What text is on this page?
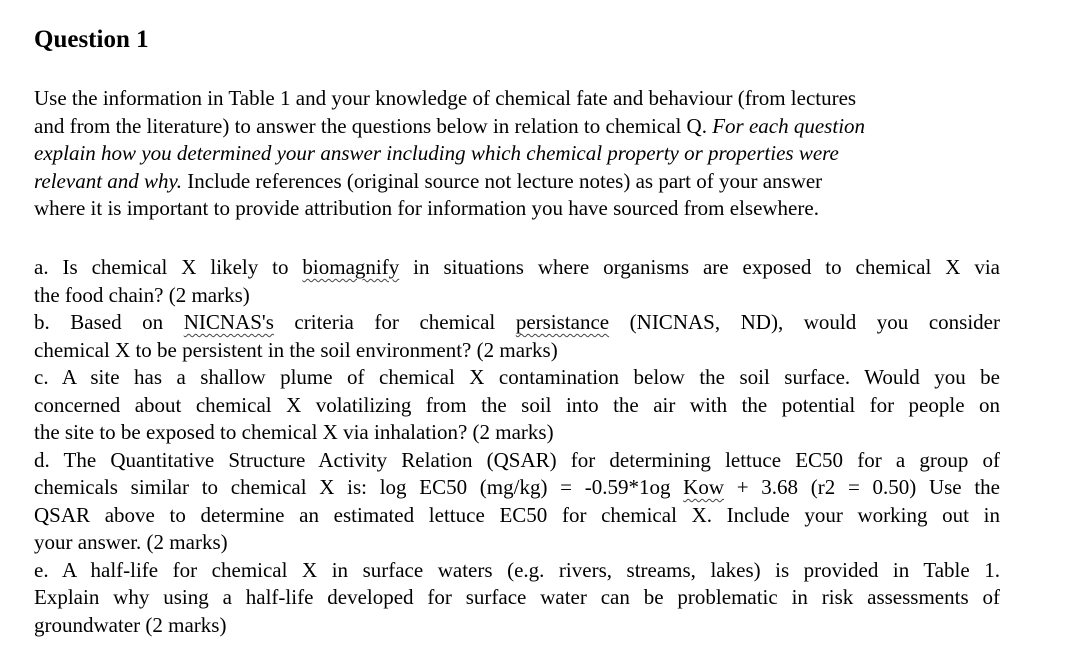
Question 1
Use the information in Table 1 and your knowledge of chemical fate and behaviour (from lectures
and from the literature) to answer the questions below in relation to chemical Q. For each question
explain how you determined your answer including which chemical property or properties were
relevant and why. Include references (original source not lecture notes) as part of your answer
where it is important to provide attribution for information you have sourced from elsewhere.
a. Is chemical X likely to biomagnify in situations where organisms are exposed to chemical X via
the food chain? (2 marks)
b. Based on NICNAS's criteria for chemical persistance (NICNAS, ND), would you consider
chemical X to be persistent in the soil environment? (2 marks)
c. A site has a shallow plume of chemical X contamination below the soil surface. Would you be
concerned about chemical X volatilizing from the soil into the air with the potential for people on
the site to be exposed to chemical X via inhalation? (2 marks)
d. The Quantitative Structure Activity Relation (QSAR) for determining lettuce EC50 for a group of
chemicals similar to chemical X is: log EC50 (mg/kg) = -0.59*1og Kow + 3.68 (r2 = 0.50) Use the
QSAR above to determine an estimated lettuce EC50 for chemical X. Include your working out in
your answer. (2 marks)
e. A half-life for chemical X in surface waters (e.g. rivers, streams, lakes) is provided in Table 1.
Explain why using a half-life developed for surface water can be problematic in risk assessments of
groundwater (2 marks)
